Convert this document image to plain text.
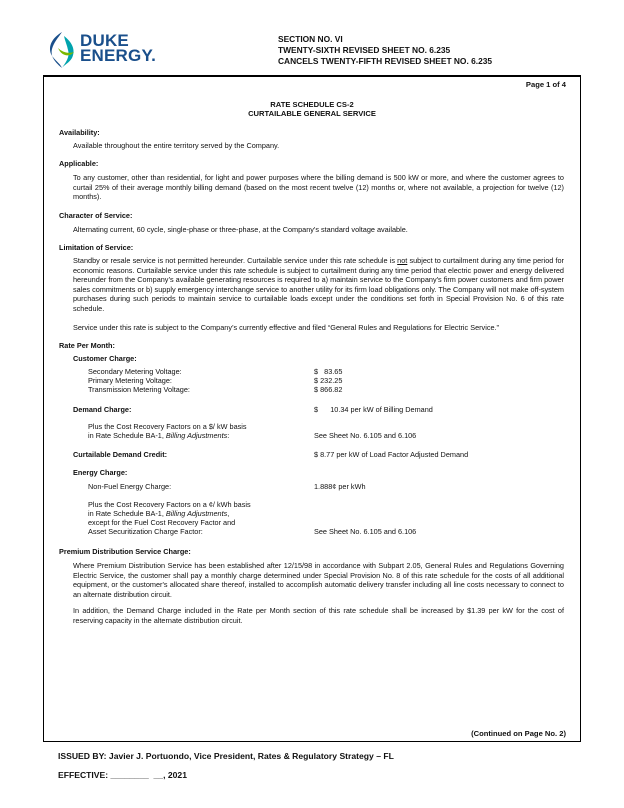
DUKE
ENERGY.
SECTION NO. VI
TWENTY-SIXTH REVISED SHEET NO. 6.235
CANCELS TWENTY-FIFTH REVISED SHEET NO. 6.235
Page 1 of 4
RATE SCHEDULE CS-2
CURTAILABLE GENERAL SERVICE
Availability:
Available throughout the entire territory served by the Company.
Applicable:
To any customer, other than residential, for light and power purposes where the billing demand is 500 kW or more, and where the customer agrees to curtail 25% of their average monthly billing demand (based on the most recent twelve (12) months or, where not available, a projection for twelve (12) months).
Character of Service:
Alternating current, 60 cycle, single-phase or three-phase, at the Company's standard voltage available.
Limitation of Service:
Standby or resale service is not permitted hereunder. Curtailable service under this rate schedule is not subject to curtailment during any time period for economic reasons. Curtailable service under this rate schedule is subject to curtailment during any time period that electric power and energy delivered hereunder from the Company’s available generating resources is required to a) maintain service to the Company's firm power customers and firm power sales commitments or b) supply emergency interchange service to another utility for its firm load obligations only. The Company will not make off-system purchases during such periods to maintain service to curtailable loads except under the conditions set forth in Special Provision No. 6 of this rate schedule.
Service under this rate is subject to the Company’s currently effective and filed “General Rules and Regulations for Electric Service.”
Rate Per Month:
Customer Charge:
Secondary Metering Voltage:	$   83.65
Primary Metering Voltage:	$ 232.25
Transmission Metering Voltage:	$ 866.82
Demand Charge:	$      10.34 per kW of Billing Demand
Plus the Cost Recovery Factors on a $/ kW basis
in Rate Schedule BA-1, Billing Adjustments:	See Sheet No. 6.105 and 6.106
Curtailable Demand Credit:	$ 8.77 per kW of Load Factor Adjusted Demand
Energy Charge:
Non-Fuel Energy Charge:	1.888¢ per kWh
Plus the Cost Recovery Factors on a ¢/ kWh basis
in Rate Schedule BA-1, Billing Adjustments,
except for the Fuel Cost Recovery Factor and
Asset Securitization Charge Factor:	See Sheet No. 6.105 and 6.106
Premium Distribution Service Charge:
Where Premium Distribution Service has been established after 12/15/98 in accordance with Subpart 2.05, General Rules and Regulations Governing Electric Service, the customer shall pay a monthly charge determined under Special Provision No. 8 of this rate schedule for the costs of all additional equipment, or the customer's allocated share thereof, installed to accomplish automatic delivery transfer including all line costs necessary to connect to an alternate distribution circuit.
In addition, the Demand Charge included in the Rate per Month section of this rate schedule shall be increased by $1.39 per kW for the cost of reserving capacity in the alternate distribution circuit.
(Continued on Page No. 2)
ISSUED BY: Javier J. Portuondo, Vice President, Rates & Regulatory Strategy – FL
EFFECTIVE: ________  __, 2021
